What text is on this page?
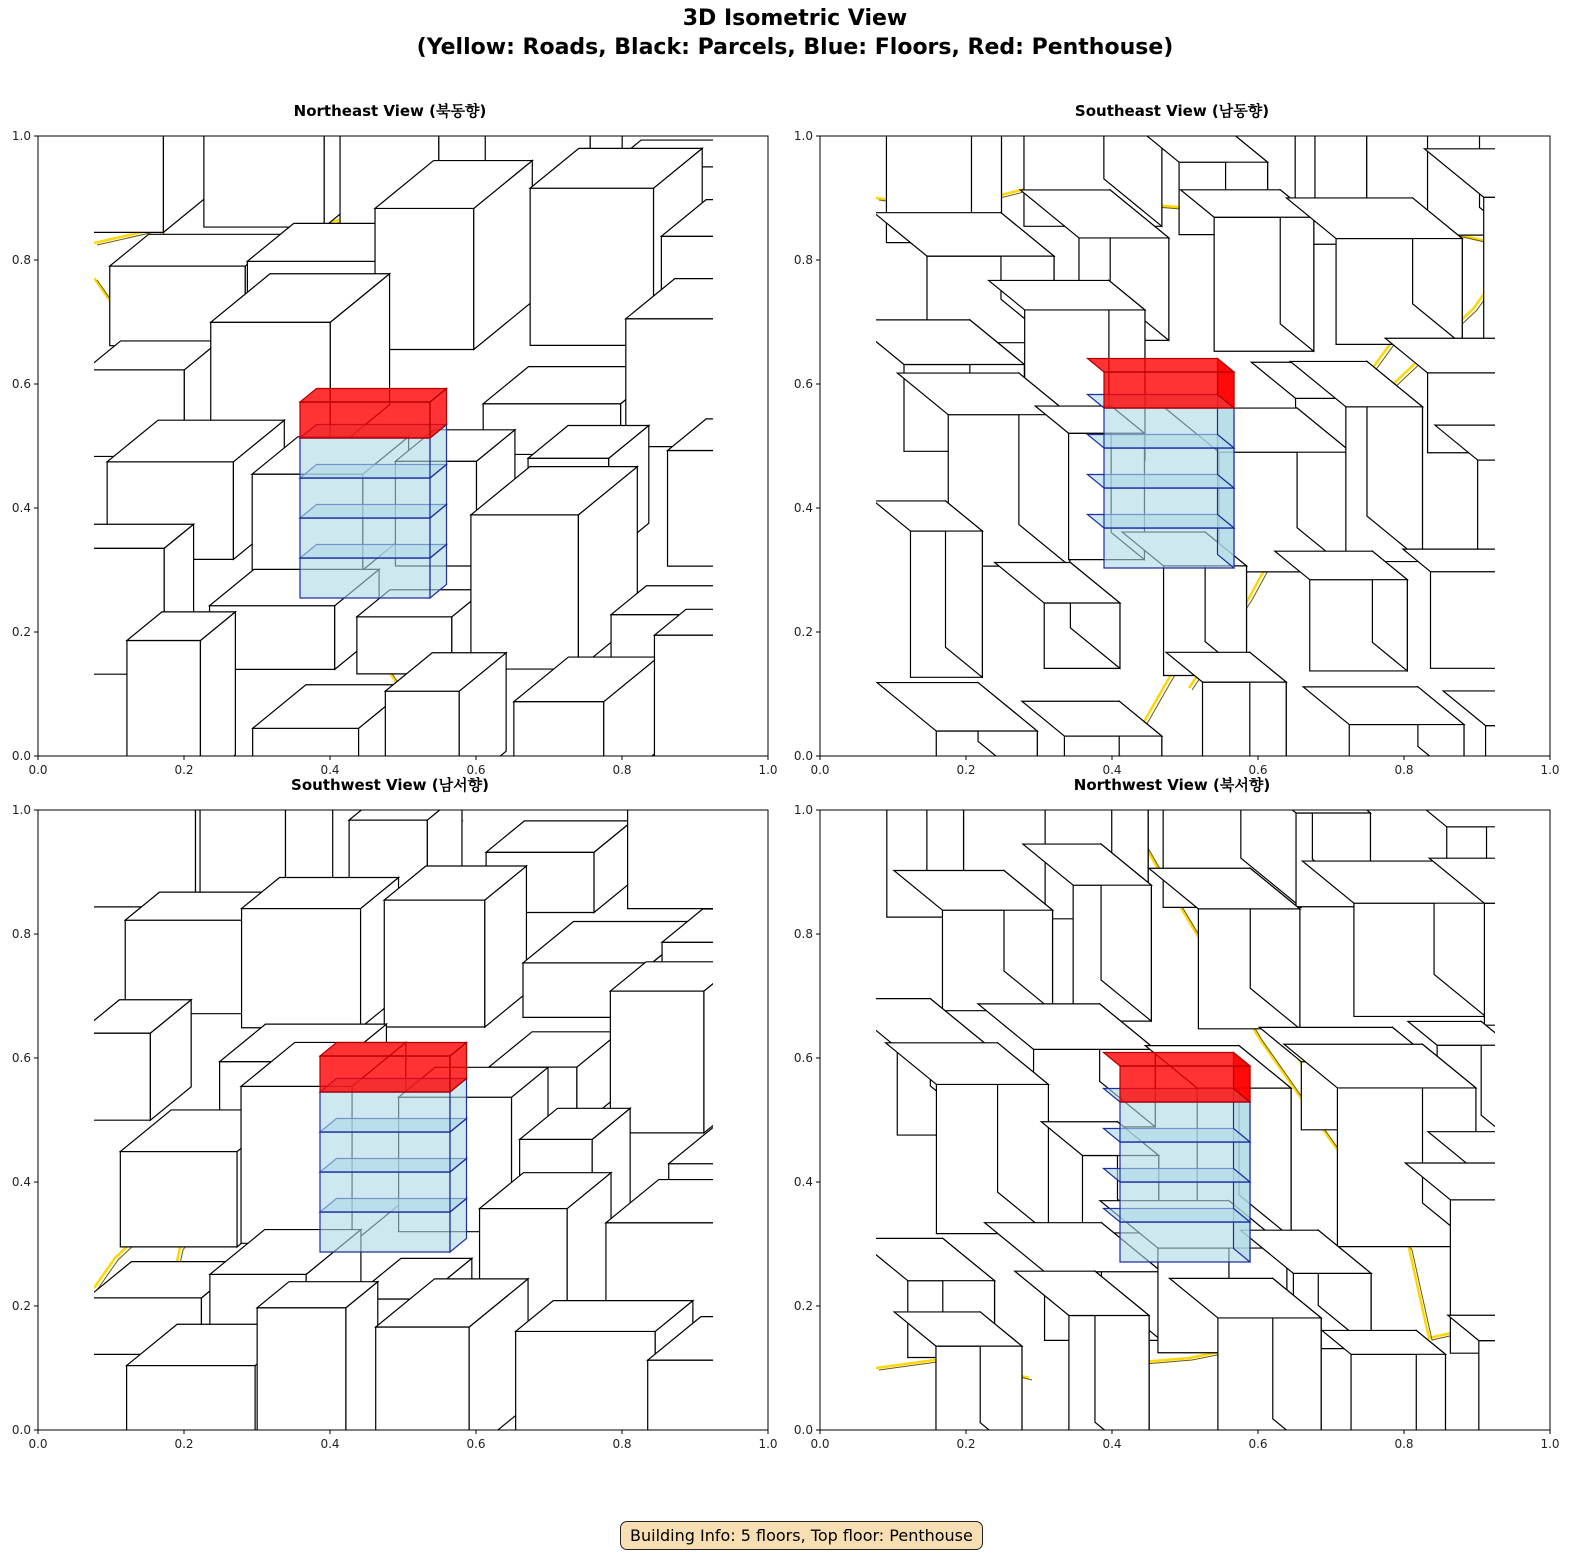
3D Isometric View
(Yellow: Roads, Black: Parcels, Blue: Floors, Red: Penthouse)
Northeast View (북동향)
0.0
0.0
0.2
0.2
0.4
0.4
0.6
0.6
0.8
0.8
1.0
1.0
Southeast View (남동향)
0.0
0.0
0.2
0.2
0.4
0.4
0.6
0.6
0.8
0.8
1.0
1.0
Southwest View (남서향)
0.0
0.0
0.2
0.2
0.4
0.4
0.6
0.6
0.8
0.8
1.0
1.0
Northwest View (북서향)
0.0
0.0
0.2
0.2
0.4
0.4
0.6
0.6
0.8
0.8
1.0
1.0
Building Info: 5 floors, Top floor: Penthouse
